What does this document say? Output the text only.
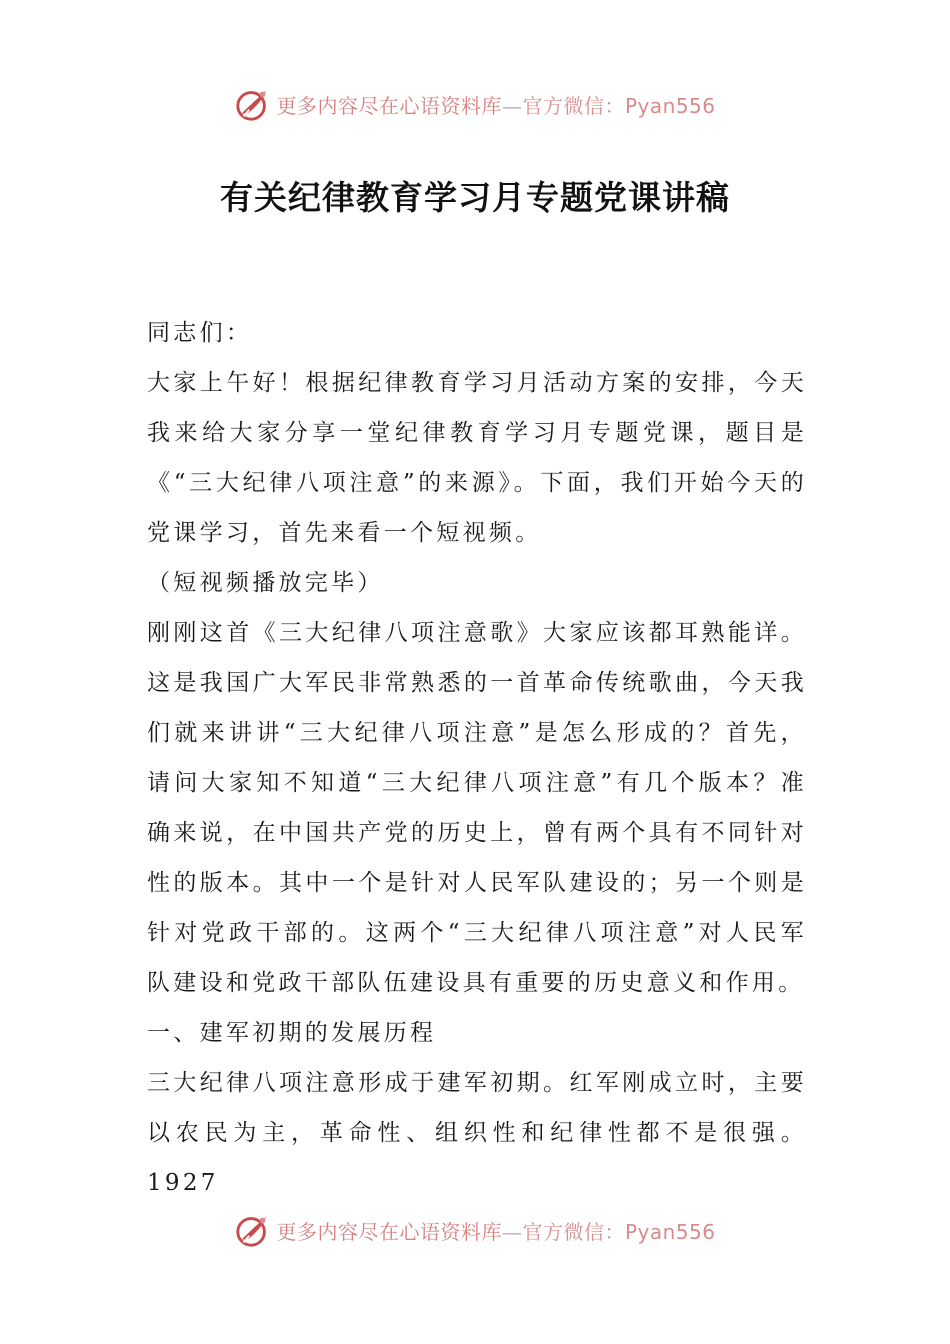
更多内容尽在心语资料库—官方微信：Pyan556
有关纪律教育学习月专题党课讲稿

同志们：

大家上午好！根据纪律教育学习月活动方案的安排，今天我来给大家分享一堂纪律教育学习月专题党课，题目是《“三大纪律八项注意”的来源》。下面，我们开始今天的党课学习，首先来看一个短视频。

（短视频播放完毕）

刚刚这首《三大纪律八项注意歌》大家应该都耳熟能详。这是我国广大军民非常熟悉的一首革命传统歌曲，今天我们就来讲讲“三大纪律八项注意”是怎么形成的？首先，请问大家知不知道“三大纪律八项注意”有几个版本？准确来说，在中国共产党的历史上，曾有两个具有不同针对性的版本。其中一个是针对人民军队建设的；另一个则是针对党政干部的。这两个“三大纪律八项注意”对人民军队建设和党政干部队伍建设具有重要的历史意义和作用。

一、建军初期的发展历程

三大纪律八项注意形成于建军初期。红军刚成立时，主要以农民为主，革命性、组织性和纪律性都不是很强。1927

更多内容尽在心语资料库—官方微信：Pyan556
